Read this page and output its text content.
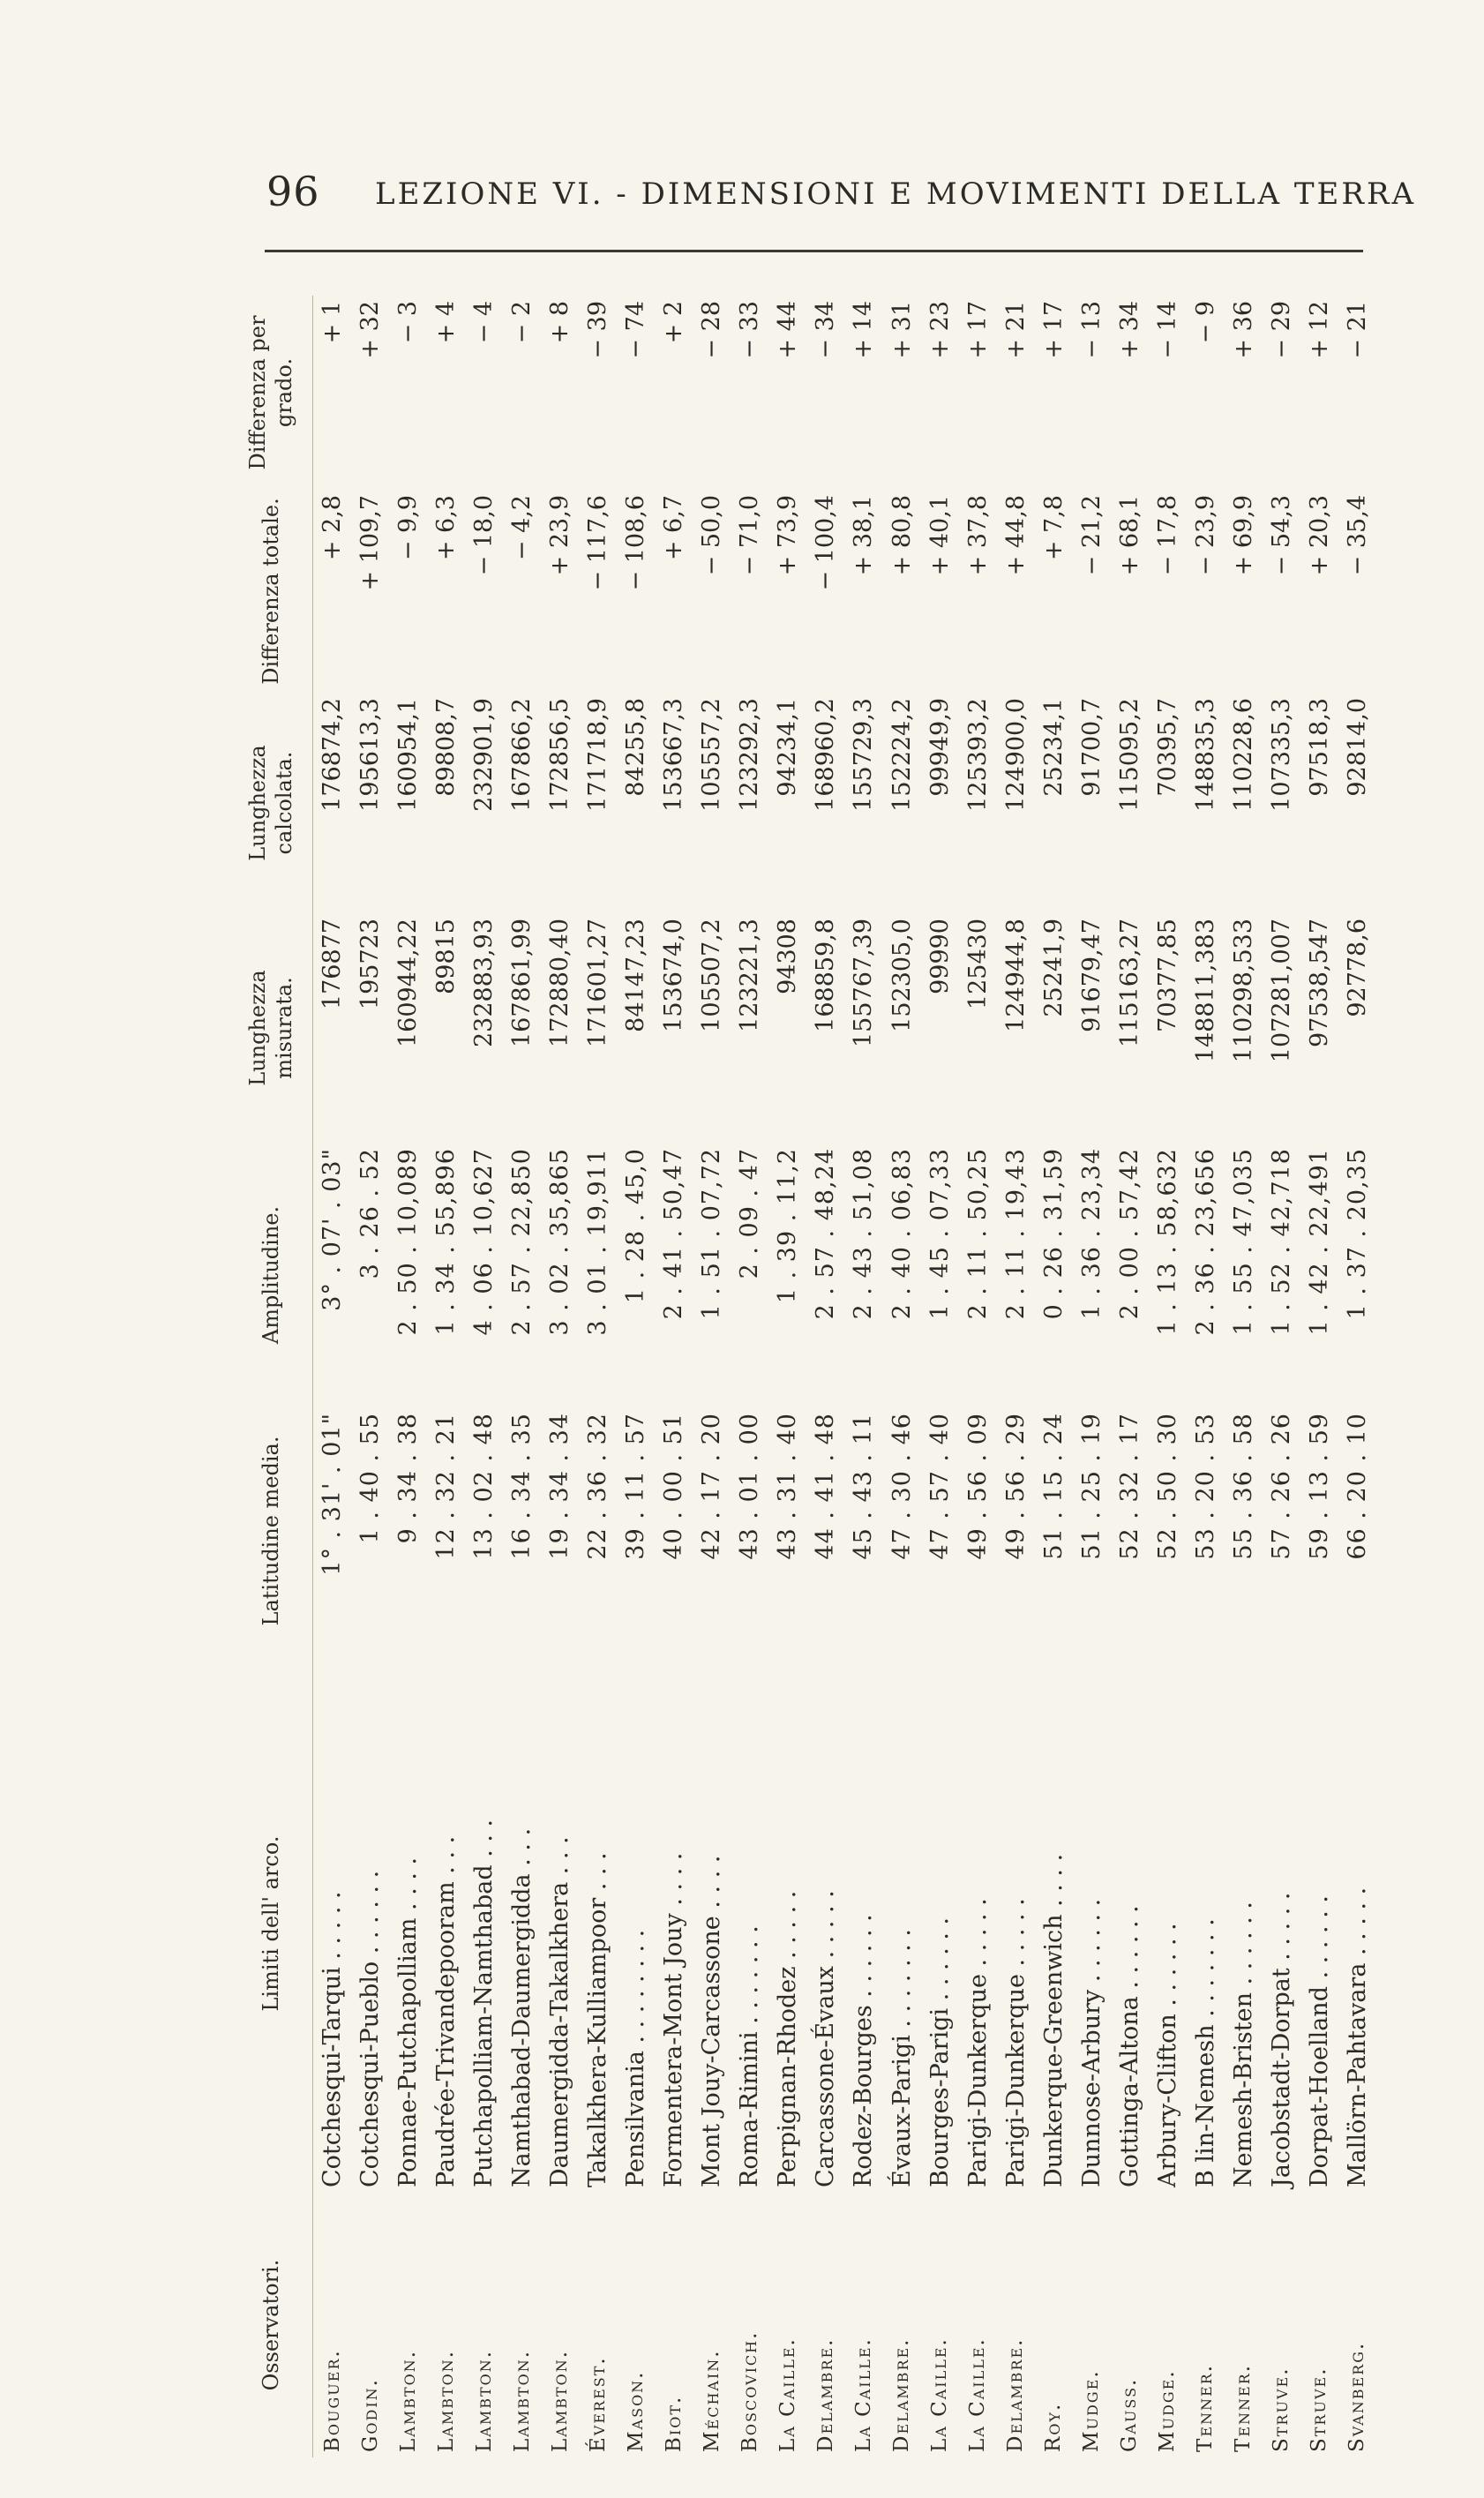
96 LEZIONE VI. - DIMENSIONI E MOVIMENTI DELLA TERRA
Osservatori.	Limiti dell' arco.	Latitudine media.	Amplitudine.	Lunghezza misurata.	Lunghezza calcolata.	Differenza totale.	Differenza per grado.
Bouguer.	Cotchesqui-Tarqui . . . . .	1° . 31' . 01"	3° . 07' . 03"	176877	176874,2	+ 2,8	+ 1
Godin.	Cotchesqui-Pueblo . . . . . .	1 . 40 . 55	3 . 26 . 52	195723	195613,3	+ 109,7	+ 32
Lambton.	Ponnae-Putchapolliam . . . .	9 . 34 . 38	2 . 50 . 10,089	160944,22	160954,1	− 9,9	− 3
Lambton.	Paudrée-Trivandepooram . . .	12 . 32 . 21	1 . 34 . 55,896	89815	89808,7	+ 6,3	+ 4
Lambton.	Putchapolliam-Namthabad . . .	13 . 02 . 48	4 . 06 . 10,627	232883,93	232901,9	− 18,0	− 4
Lambton.	Namthabad-Daumergidda . . .	16 . 34 . 35	2 . 57 . 22,850	167861,99	167866,2	− 4,2	− 2
Lambton.	Daumergidda-Takalkhera . . .	19 . 34 . 34	3 . 02 . 35,865	172880,40	172856,5	+ 23,9	+ 8
Éverest.	Takalkhera-Kulliampoor . . .	22 . 36 . 32	3 . 01 . 19,911	171601,27	171718,9	− 117,6	− 39
Mason.	Pensilvania . . . . . . . .	39 . 11 . 57	1 . 28 . 45,0	84147,23	84255,8	− 108,6	− 74
Biot.	Formentera-Mont Jouy . . . .	40 . 00 . 51	2 . 41 . 50,47	153674,0	153667,3	+ 6,7	+ 2
Méchain.	Mont Jouy-Carcassone . . . .	42 . 17 . 20	1 . 51 . 07,72	105507,2	105557,2	− 50,0	− 28
Boscovich.	Roma-Rimini . . . . . . .	43 . 01 . 00	2 . 09 . 47	123221,3	123292,3	− 71,0	− 33
La Caille.	Perpignan-Rhodez . . . . .	43 . 31 . 40	1 . 39 . 11,2	94308	94234,1	+ 73,9	+ 44
Delambre.	Carcassone-Évaux . . . . .	44 . 41 . 48	2 . 57 . 48,24	168859,8	168960,2	− 100,4	− 34
La Caille.	Rodez-Bourges . . . . . .	45 . 43 . 11	2 . 43 . 51,08	155767,39	155729,3	+ 38,1	+ 14
Delambre.	Évaux-Parigi . . . . . . .	47 . 30 . 46	2 . 40 . 06,83	152305,0	152224,2	+ 80,8	+ 31
La Caille.	Bourges-Parigi . . . . . .	47 . 57 . 40	1 . 45 . 07,33	99990	99949,9	+ 40,1	+ 23
La Caille.	Parigi-Dunkerque . . . . .	49 . 56 . 09	2 . 11 . 50,25	125430	125393,2	+ 37,8	+ 17
Delambre.	Parigi-Dunkerque . . . . .	49 . 56 . 29	2 . 11 . 19,43	124944,8	124900,0	+ 44,8	+ 21
Roy.	Dunkerque-Greenwich . . . .	51 . 15 . 24	0 . 26 . 31,59	25241,9	25234,1	+ 7,8	+ 17
Mudge.	Dunnose-Arbury . . . . . .	51 . 25 . 19	1 . 36 . 23,34	91679,47	91700,7	− 21,2	− 13
Gauss.	Gottinga-Altona . . . . . .	52 . 32 . 17	2 . 00 . 57,42	115163,27	115095,2	+ 68,1	+ 34
Mudge.	Arbury-Clifton . . . . . .	52 . 50 . 30	1 . 13 . 58,632	70377,85	70395,7	− 17,8	− 14
Tenner.	B lin-Nemesh . . . . . . .	53 . 20 . 53	2 . 36 . 23,656	148811,383	148835,3	− 23,9	− 9
Tenner.	Nemesh-Bristen . . . . . .	55 . 36 . 58	1 . 55 . 47,035	110298,533	110228,6	+ 69,9	+ 36
Struve.	Jacobstadt-Dorpat . . . . .	57 . 26 . 26	1 . 52 . 42,718	107281,007	107335,3	− 54,3	− 29
Struve.	Dorpat-Hoelland . . . . . .	59 . 13 . 59	1 . 42 . 22,491	97538,547	97518,3	+ 20,3	+ 12
Svanberg.	Mallörn-Pahtavara . . . . .	66 . 20 . 10	1 . 37 . 20,35	92778,6	92814,0	− 35,4	− 21
